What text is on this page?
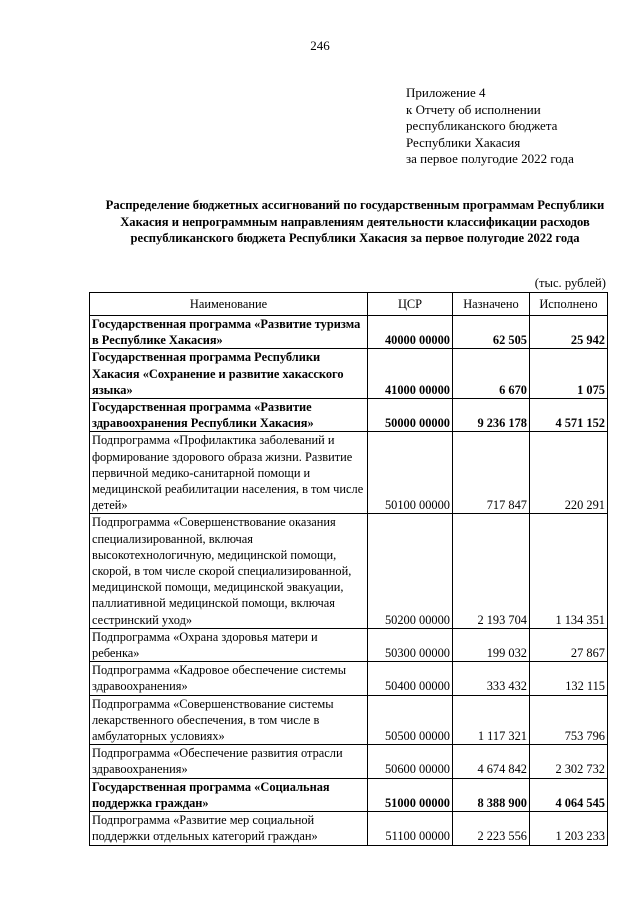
246
Приложение 4
к Отчету об исполнении
республиканского бюджета
Республики Хакасия
за первое полугодие 2022 года
Распределение бюджетных ассигнований по государственным программам Республики Хакасия и непрограммным направлениям деятельности классификации расходов республиканского бюджета Республики Хакасия за первое полугодие 2022 года
(тыс. рублей)
Наименование	ЦСР	Назначено	Исполнено
Государственная программа «Развитие туризма в Республике Хакасия»	40000 00000	62 505	25 942
Государственная программа Республики Хакасия «Сохранение и развитие хакасского языка»	41000 00000	6 670	1 075
Государственная программа «Развитие здравоохранения Республики Хакасия»	50000 00000	9 236 178	4 571 152
Подпрограмма «Профилактика заболеваний и формирование здорового образа жизни. Развитие первичной медико-санитарной помощи и медицинской реабилитации населения, в том числе детей»	50100 00000	717 847	220 291
Подпрограмма «Совершенствование оказания специализированной, включая высокотехнологичную, медицинской помощи, скорой, в том числе скорой специализированной, медицинской помощи, медицинской эвакуации, паллиативной медицинской помощи, включая сестринский уход»	50200 00000	2 193 704	1 134 351
Подпрограмма «Охрана здоровья матери и ребенка»	50300 00000	199 032	27 867
Подпрограмма «Кадровое обеспечение системы здравоохранения»	50400 00000	333 432	132 115
Подпрограмма «Совершенствование системы лекарственного обеспечения, в том числе в амбулаторных условиях»	50500 00000	1 117 321	753 796
Подпрограмма «Обеспечение развития отрасли здравоохранения»	50600 00000	4 674 842	2 302 732
Государственная программа «Социальная поддержка граждан»	51000 00000	8 388 900	4 064 545
Подпрограмма «Развитие мер социальной поддержки отдельных категорий граждан»	51100 00000	2 223 556	1 203 233
